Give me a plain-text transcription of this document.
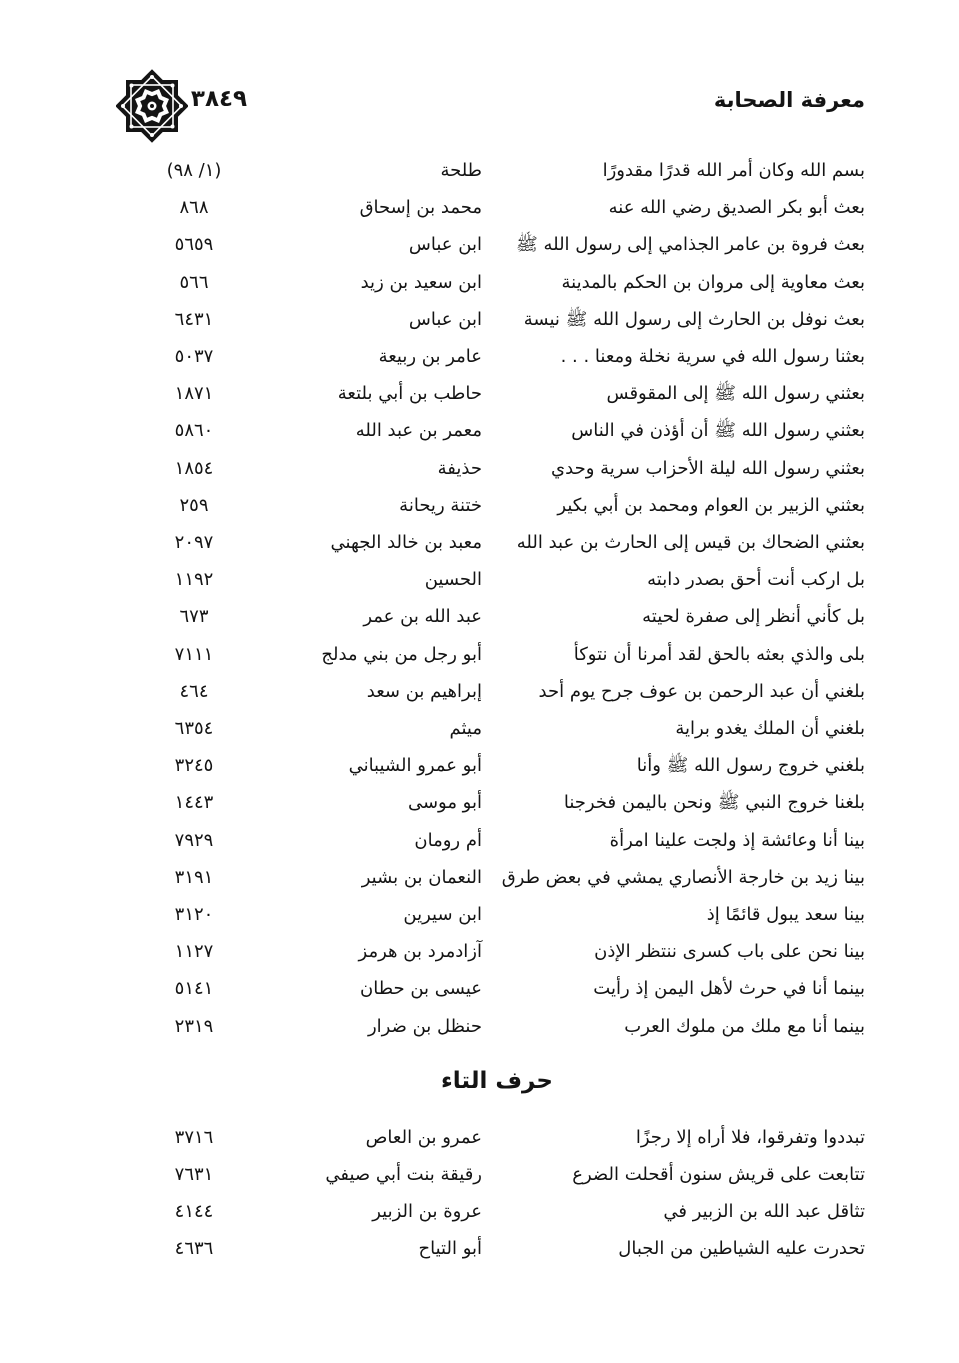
معرفة الصحابة
٣٨٤٩
بسم الله وكان أمر الله قدرًا مقدورًا
طلحة
(١/ ٩٨)
بعث أبو بكر الصديق رضي الله عنه
محمد بن إسحاق
٨٦٨
بعث فروة بن عامر الجذامي إلى رسول الله ﷺ
ابن عباس
٥٦٥٩
بعث معاوية إلى مروان بن الحكم بالمدينة
ابن سعيد بن زيد
٥٦٦
بعث نوفل بن الحارث إلى رسول الله ﷺ نيسة
ابن عباس
٦٤٣١
بعثنا رسول الله في سرية نخلة ومعنا . . .
عامر بن ربيعة
٥٠٣٧
بعثني رسول الله ﷺ إلى المقوقس
حاطب بن أبي بلتعة
١٨٧١
بعثني رسول الله ﷺ أن أؤذن في الناس
معمر بن عبد الله
٥٨٦٠
بعثني رسول الله ليلة الأحزاب سرية وحدي
حذيفة
١٨٥٤
بعثني الزبير بن العوام ومحمد بن أبي بكير
ختنة ريحانة
٢٥٩
بعثني الضحاك بن قيس إلى الحارث بن عبد الله
معبد بن خالد الجهني
٢٠٩٧
بل اركب أنت أحق بصدر دابته
الحسين
١١٩٢
بل كأني أنظر إلى صفرة لحيته
عبد الله بن عمر
٦٧٣
بلى والذي بعثه بالحق لقد أمرنا أن نتوكأ
أبو رجل من بني مدلج
٧١١١
بلغني أن عبد الرحمن بن عوف جرح يوم أحد
إبراهيم بن سعد
٤٦٤
بلغني أن الملك يغدو براية
ميثم
٦٣٥٤
بلغني خروج رسول الله ﷺ وأنا
أبو عمرو الشيباني
٣٢٤٥
بلغنا خروج النبي ﷺ ونحن باليمن فخرجنا
أبو موسى
١٤٤٣
بينا أنا وعائشة إذ ولجت علينا امرأة
أم رومان
٧٩٢٩
بينا زيد بن خارجة الأنصاري يمشي في بعض طرق
النعمان بن بشير
٣١٩١
بينا سعد يبول قائمًا إذ
ابن سيرين
٣١٢٠
بينا نحن على باب كسرى ننتظر الإذن
آزادمرد بن هرمز
١١٢٧
بينما أنا في حرث لأهل اليمن إذ رأيت
عيسى بن حطان
٥١٤١
بينما أنا مع ملك من ملوك العرب
حنظل بن ضرار
٢٣١٩
حرف التاء
تبددوا وتفرقوا، فلا أراه إلا رجزًا
عمرو بن العاص
٣٧١٦
تتابعت على قريش سنون أقحلت الضرع
رقيقة بنت أبي صيفي
٧٦٣١
تثاقل عبد الله بن الزبير في
عروة بن الزبير
٤١٤٤
تحدرت عليه الشياطين من الجبال
أبو التياح
٤٦٣٦
